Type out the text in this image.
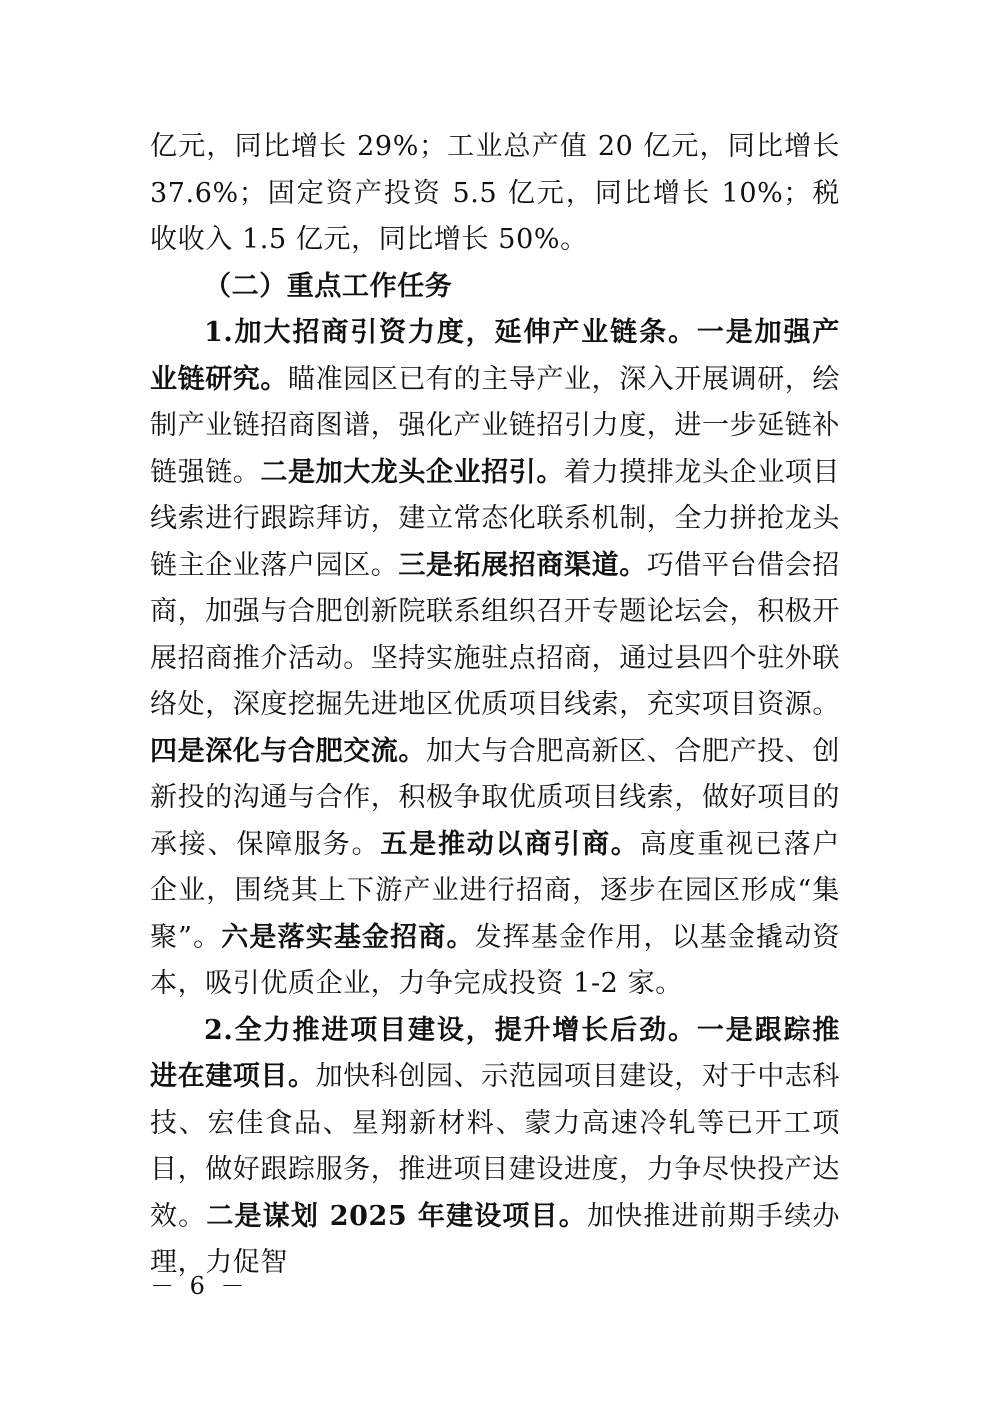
亿元，同比增长 29%；工业总产值 20 亿元，同比增长 37.6%；固定资产投资 5.5 亿元，同比增长 10%；税收收入 1.5 亿元，同比增长 50%。

（二）重点工作任务

1.加大招商引资力度，延伸产业链条。一是加强产业链研究。瞄准园区已有的主导产业，深入开展调研，绘制产业链招商图谱，强化产业链招引力度，进一步延链补链强链。二是加大龙头企业招引。着力摸排龙头企业项目线索进行跟踪拜访，建立常态化联系机制，全力拼抢龙头链主企业落户园区。三是拓展招商渠道。巧借平台借会招商，加强与合肥创新院联系组织召开专题论坛会，积极开展招商推介活动。坚持实施驻点招商，通过县四个驻外联络处，深度挖掘先进地区优质项目线索，充实项目资源。四是深化与合肥交流。加大与合肥高新区、合肥产投、创新投的沟通与合作，积极争取优质项目线索，做好项目的承接、保障服务。五是推动以商引商。高度重视已落户企业，围绕其上下游产业进行招商，逐步在园区形成“集聚”。六是落实基金招商。发挥基金作用，以基金撬动资本，吸引优质企业，力争完成投资 1-2 家。

2.全力推进项目建设，提升增长后劲。一是跟踪推进在建项目。加快科创园、示范园项目建设，对于中志科技、宏佳食品、星翔新材料、蒙力高速冷轧等已开工项目，做好跟踪服务，推进项目建设进度，力争尽快投产达效。二是谋划 2025 年建设项目。加快推进前期手续办理，力促智

－ 6 －
